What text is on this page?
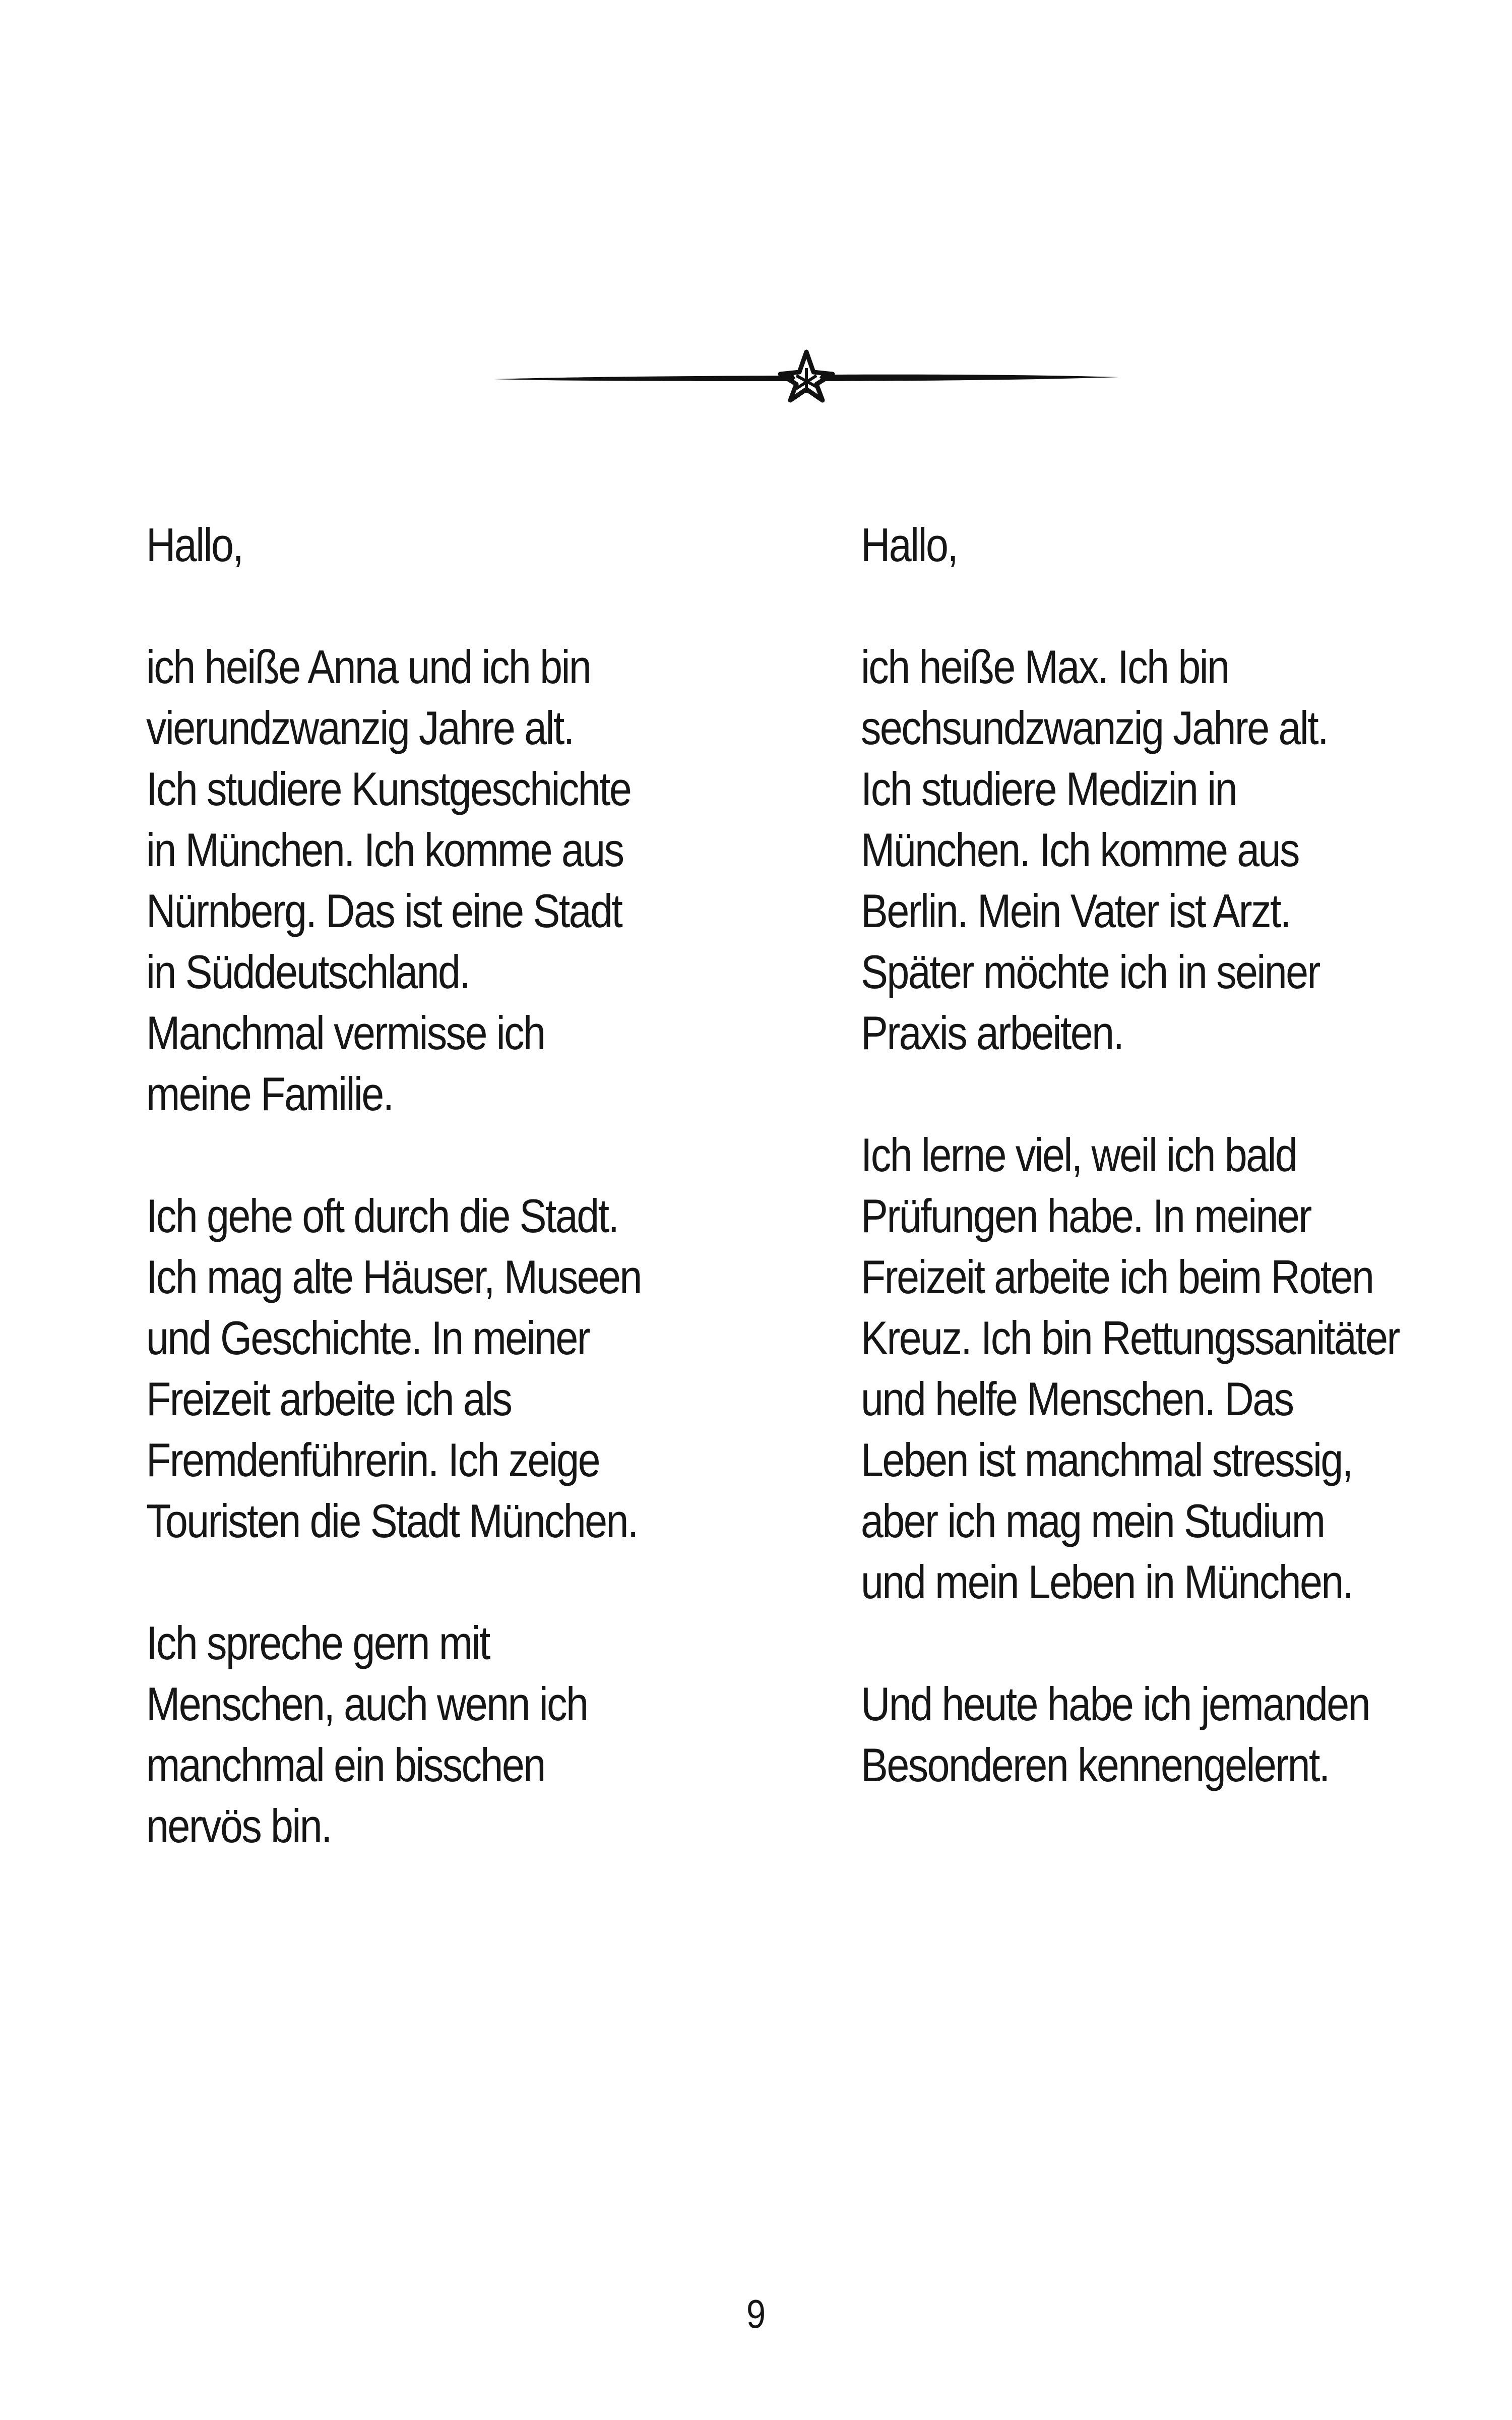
Hallo,

ich heiße Anna und ich bin
vierundzwanzig Jahre alt.
Ich studiere Kunstgeschichte
in München. Ich komme aus
Nürnberg. Das ist eine Stadt
in Süddeutschland.
Manchmal vermisse ich
meine Familie.

Ich gehe oft durch die Stadt.
Ich mag alte Häuser, Museen
und Geschichte. In meiner
Freizeit arbeite ich als
Fremdenführerin. Ich zeige
Touristen die Stadt München.

Ich spreche gern mit
Menschen, auch wenn ich
manchmal ein bisschen
nervös bin.

Hallo,

ich heiße Max. Ich bin
sechsundzwanzig Jahre alt.
Ich studiere Medizin in
München. Ich komme aus
Berlin. Mein Vater ist Arzt.
Später möchte ich in seiner
Praxis arbeiten.

Ich lerne viel, weil ich bald
Prüfungen habe. In meiner
Freizeit arbeite ich beim Roten
Kreuz. Ich bin Rettungssanitäter
und helfe Menschen. Das
Leben ist manchmal stressig,
aber ich mag mein Studium
und mein Leben in München.

Und heute habe ich jemanden
Besonderen kennengelernt.

9
